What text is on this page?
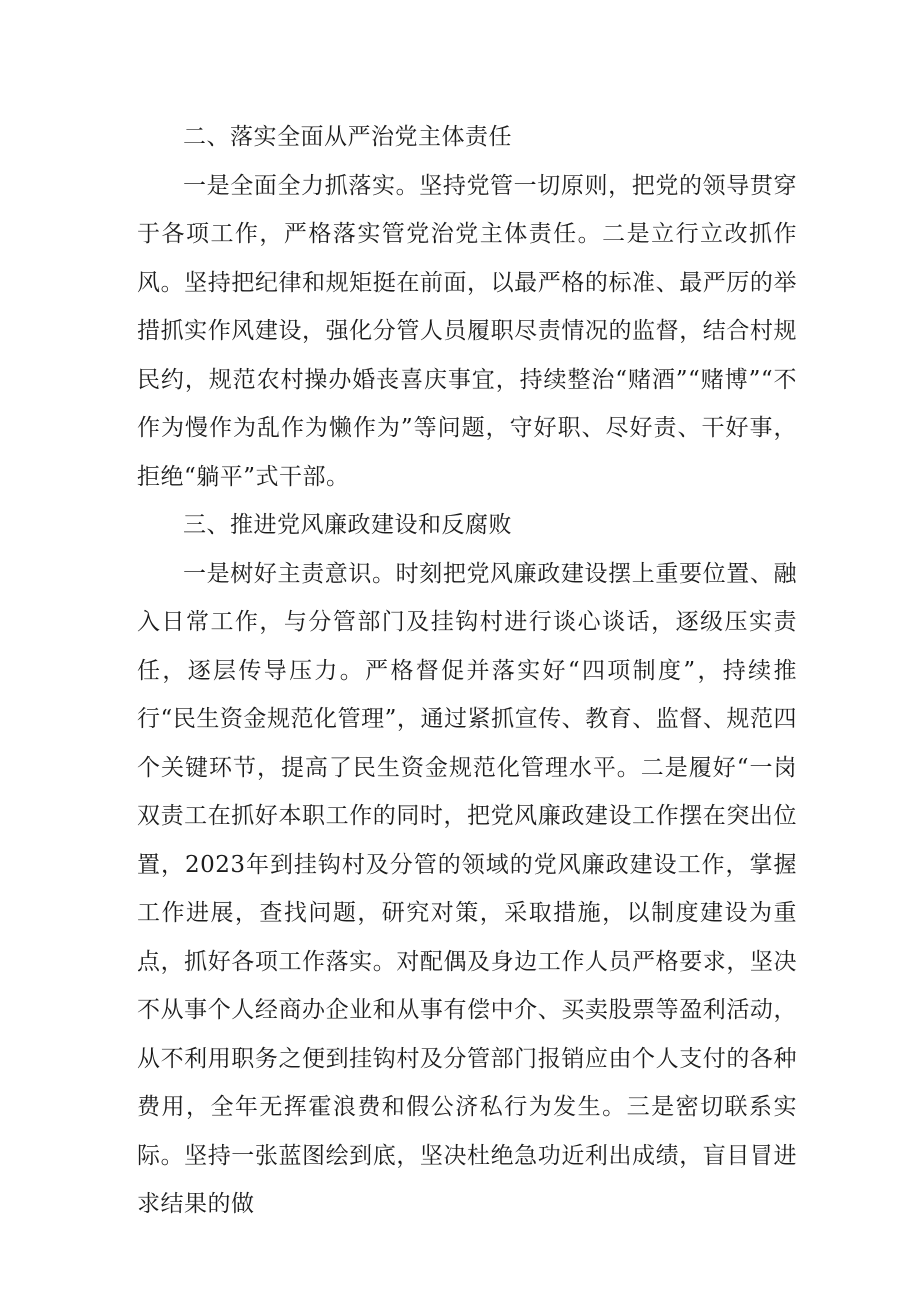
二、落实全面从严治党主体责任

一是全面全力抓落实。坚持党管一切原则，把党的领导贯穿于各项工作，严格落实管党治党主体责任。二是立行立改抓作风。坚持把纪律和规矩挺在前面，以最严格的标准、最严厉的举措抓实作风建设，强化分管人员履职尽责情况的监督，结合村规民约，规范农村操办婚丧喜庆事宜，持续整治“赌酒”“赌博”“不作为慢作为乱作为懒作为”等问题，守好职、尽好责、干好事，拒绝“躺平”式干部。

三、推进党风廉政建设和反腐败

一是树好主责意识。时刻把党风廉政建设摆上重要位置、融入日常工作，与分管部门及挂钩村进行谈心谈话，逐级压实责任，逐层传导压力。严格督促并落实好“四项制度”，持续推行“民生资金规范化管理”，通过紧抓宣传、教育、监督、规范四个关键环节，提高了民生资金规范化管理水平。二是履好“一岗双责工在抓好本职工作的同时，把党风廉政建设工作摆在突出位置，2023年到挂钩村及分管的领域的党风廉政建设工作，掌握工作进展，查找问题，研究对策，采取措施，以制度建设为重点，抓好各项工作落实。对配偶及身边工作人员严格要求，坚决不从事个人经商办企业和从事有偿中介、买卖股票等盈利活动，从不利用职务之便到挂钩村及分管部门报销应由个人支付的各种费用，全年无挥霍浪费和假公济私行为发生。三是密切联系实际。坚持一张蓝图绘到底，坚决杜绝急功近利出成绩，盲目冒进求结果的做
